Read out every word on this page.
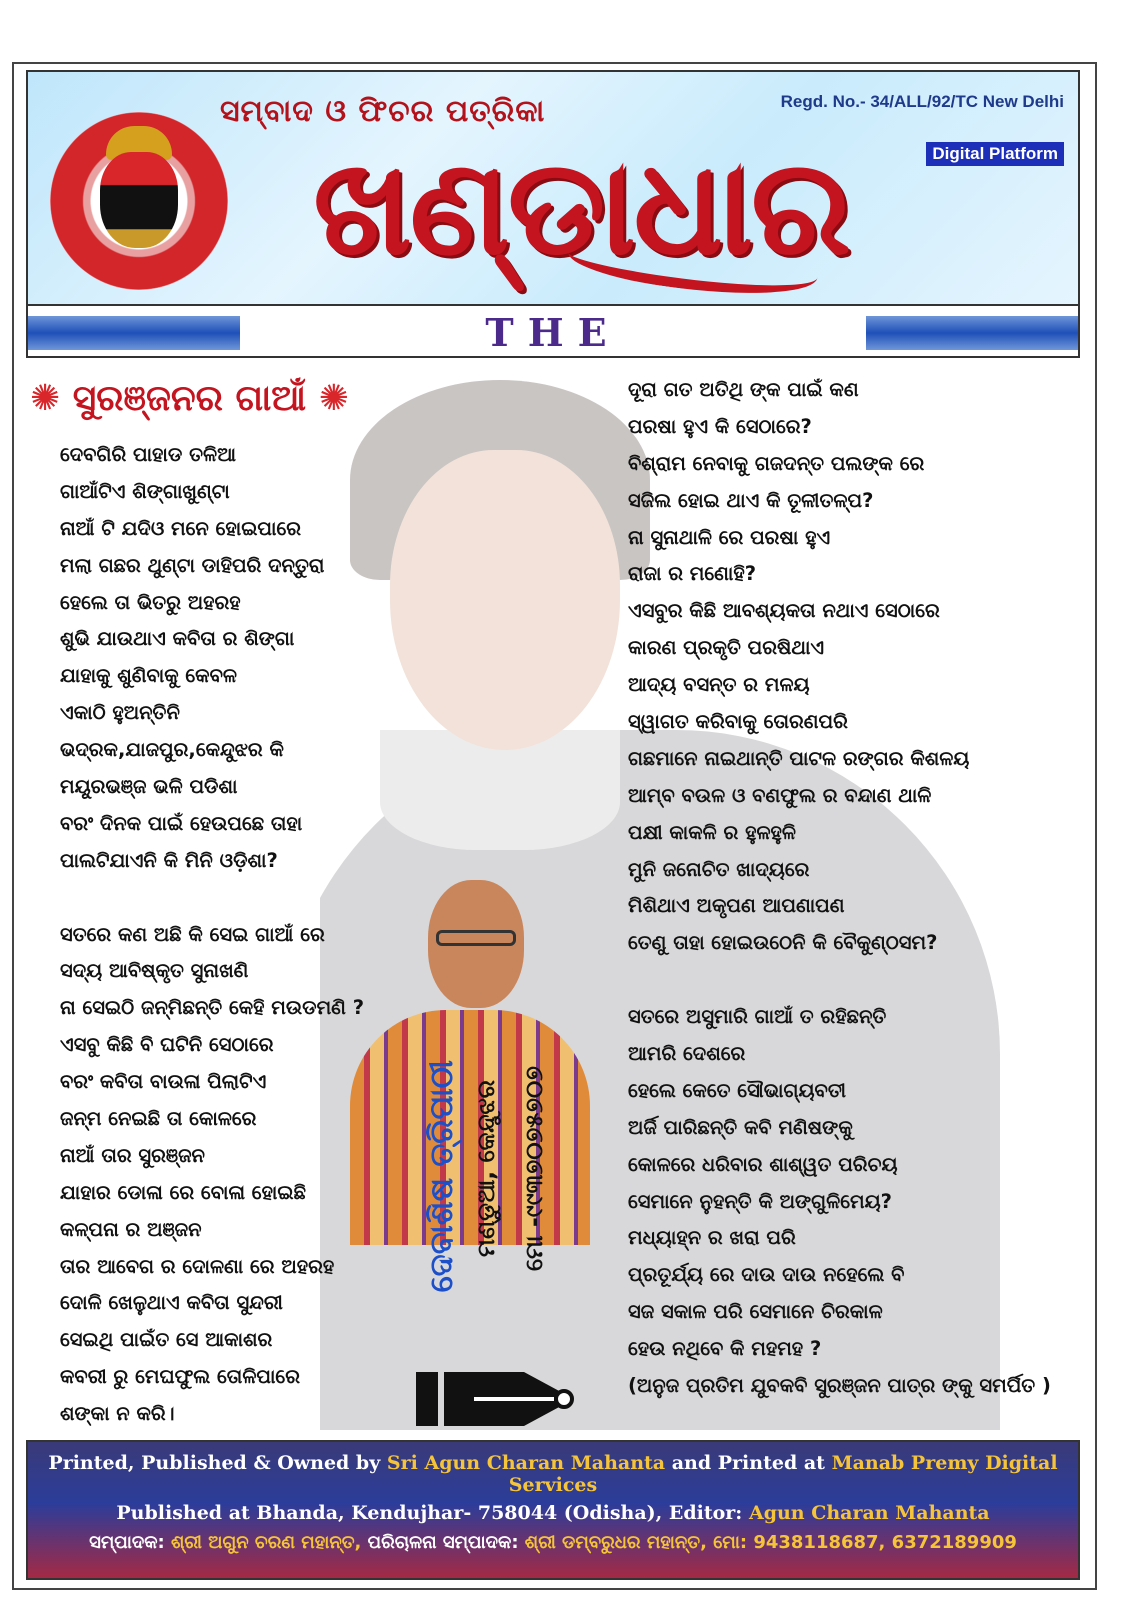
ସମ୍ବାଦ ଓ ଫିଚର ପତ୍ରିକା
ଖଣ୍ଡାଧାର
Regd. No.- 34/ALL/92/TC New Delhi
Digital Platform
THE
✺ ସୁରଞ୍ଜନର ଗାଆଁ ✺
ଦେବଗିରି ପାହାଡ ତଳିଆ
ଗାଆଁଟିଏ ଶିଙ୍ଗାଖୁଣ୍ଟା
ନାଆଁ ଟି ଯଦିଓ ମନେ ହୋଇପାରେ
ମଲା ଗଛର ଥୁଣ୍ଟା ଡାହିପରି ଦନ୍ତୁରା
ହେଲେ ତା ଭିତରୁ ଅହରହ
ଶୁଭି ଯାଉଥାଏ କବିତା ର ଶିଙ୍ଗା
ଯାହାକୁ ଶୁଣିବାକୁ କେବଳ
ଏକାଠି ହୁଅନ୍ତିନି
ଭଦ୍ରକ,ଯାଜପୁର,କେନ୍ଦୁଝର କି
ମୟୂରଭଞ୍ଜ ଭଳି ପଡିଶା
ବରଂ ଦିନକ ପାଇଁ ହେଉପଛେ ତାହା
ପାଲଟିଯାଏନି କି ମିନି ଓଡ଼ିଶା?
ସତରେ କଣ ଅଛି କି ସେଇ ଗାଆଁ ରେ
ସଦ୍ୟ ଆବିଷ୍କୃତ ସୁନାଖଣି
ନା ସେଇଠି ଜନ୍ମିଛନ୍ତି କେହି ମଉଡମଣି ?
ଏସବୁ କିଛି ବି ଘଟିନି ସେଠାରେ
ବରଂ କବିତା ବାଉଳା ପିଲାଟିଏ
ଜନ୍ମ ନେଇଛି ତା କୋଳରେ
ନାଆଁ ତାର ସୁରଞ୍ଜନ
ଯାହାର ଡୋଳା ରେ ବୋଳା ହୋଇଛି
କଳ୍ପନା ର ଅଞ୍ଜନ
ତାର ଆବେଗ ର ଦୋଳଣା ରେ ଅହରହ
ଦୋଳି ଖେଳୁଥାଏ କବିତା ସୁନ୍ଦରୀ
ସେଇଥି ପାଇଁତ ସେ ଆକାଶର
କବରୀ ରୁ ମେଘଫୁଲ ତୋଳିପାରେ
ଶଙ୍କା ନ କରି।
ଦୂରା ଗତ ଅତିଥି ଙ୍କ ପାଇଁ କଣ
ପରଷା ହୁଏ କି ସେଠାରେ?
ବିଶ୍ରାମ ନେବାକୁ ଗଜଦନ୍ତ ପଲଙ୍କ ରେ
ସଜିଲ ହୋଇ ଥାଏ କି ତୂଳୀତଳ୍ପ?
ନା ସୁନାଥାଳି ରେ ପରଷା ହୁଏ
ରାଜା ର ମଣୋହି?
ଏସବୁର କିଛି ଆବଶ୍ୟକତା ନଥାଏ ସେଠାରେ
କାରଣ ପ୍ରକୃତି ପରଷିଥାଏ
ଆଦ୍ୟ ବସନ୍ତ ର ମଳୟ
ସ୍ୱାଗତ କରିବାକୁ ତୋରଣପରି
ଗଛମାନେ ନାଇଥାନ୍ତି ପାଟଳ ରଙ୍ଗର କିଶଳୟ
ଆମ୍ବ ବଉଳ ଓ ବଣଫୁଲ ର ବନ୍ଦାଣ ଥାଳି
ପକ୍ଷୀ କାକଳି ର ହୁଳହୁଳି
ମୁନି ଜନୋଚିତ ଖାଦ୍ୟରେ
ମିଶିଥାଏ ଅକୃପଣ ଆପଣାପଣ
ତେଣୁ ତାହା ହୋଇଉଠେନି କି ବୈକୁଣ୍ଠସମ?
ସତରେ ଅସୁମାରି ଗାଆଁ ତ ରହିଛନ୍ତି
ଆମରି ଦେଶରେ
ହେଲେ କେତେ ସୌଭାଗ୍ୟବତୀ
ଅର୍ଜି ପାରିଛନ୍ତି କବି ମଣିଷଙ୍କୁ
କୋଳରେ ଧରିବାର ଶାଶ୍ୱତ ପରିଚୟ
ସେମାନେ ନୁହନ୍ତି କି ଅଙ୍ଗୁଳିମେୟ?
ମଧ୍ୟାହ୍ନ ର ଖରା ପରି
ପ୍ରତୂର୍ଯ୍ୟ ରେ ଦାଉ ଦାଉ ନହେଲେ ବି
ସଜ ସକାଳ ପରି ସେମାନେ ଚିରକାଳ
ହେଉ ନଥିବେ କି ମହମହ ?
(ଅନୁଜ ପ୍ରତିମ ଯୁବକବି ସୁରଞ୍ଜନ ପାତ୍ର ଙ୍କୁ ସମର୍ପିତ )
ଦେବାଶିଷ ତ୍ରିପାଠୀ ମଣ୍ଡୁଆ, କେନ୍ଦୁଝର ମୋ -୯୯୩୭୦୭୫୭୦୭
Printed, Published & Owned by Sri Agun Charan Mahanta and Printed at Manab Premy Digital Services
Published at Bhanda, Kendujhar- 758044 (Odisha), Editor: Agun Charan Mahanta
ସମ୍ପାଦକ: ଶ୍ରୀ ଅଗୁନ ଚରଣ ମହାନ୍ତ, ପରିଚାଳନା ସମ୍ପାଦକ: ଶ୍ରୀ ଡମ୍ବରୁଧର ମହାନ୍ତ, ମୋ: 9438118687, 6372189909
